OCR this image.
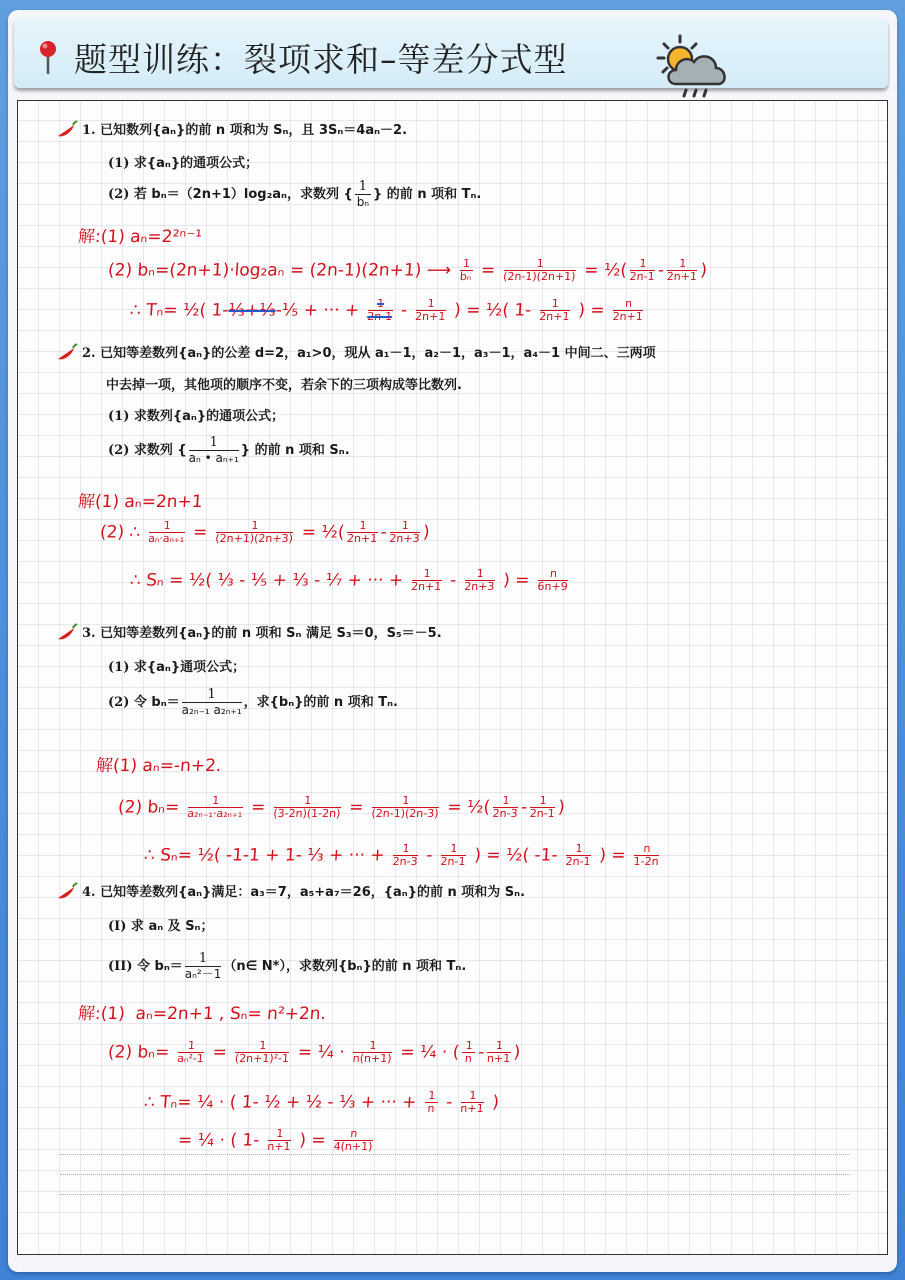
题型训练：裂项求和–等差分式型
1. 已知数列{aₙ}的前 n 项和为 Sₙ，且 3Sₙ＝4aₙ－2.
(1) 求{aₙ}的通项公式；
(2) 若 bₙ＝（2n+1）log₂aₙ，求数列 { $\frac{1}{\text{bₙ}}$ } 的前 n 项和 Tₙ.
解:(1) aₙ=2²ⁿ⁻¹
(2) bₙ=(2n+1)·log₂aₙ = (2n-1)(2n+1) ⟶ $\frac{1}{\text{bₙ}} = \frac{1}{(2n-1)(2n+1)}$ = ½( $\frac{1}{2n-1} - \frac{1}{2n+1}$ )
∴ Tₙ= ½( 1-⅓+⅓-⅕ + ··· + $\frac{1}{2n-1} - \frac{1}{2n+1}$ ) = ½( $1- \frac{1}{2n+1}$ ) = $\frac{n}{2n+1}$
2. 已知等差数列{aₙ}的公差 d=2，a₁>0，现从 a₁－1，a₂－1，a₃－1，a₄－1 中间二、三两项
中去掉一项，其他项的顺序不变，若余下的三项构成等比数列.
(1) 求数列{aₙ}的通项公式；
(2) 求数列 { $\frac{1}{\text{aₙ • aₙ₊₁}}$ } 的前 n 项和 Sₙ.
解(1) aₙ=2n+1
(2) ∴ $\frac{1}{\text{aₙ·aₙ₊₁}} = \frac{1}{(2n+1)(2n+3)}$ = ½( $\frac{1}{2n+1} - \frac{1}{2n+3}$ )
∴ Sₙ = ½( ⅓ - ⅕ + ⅓ - ⅐ + ··· + $\frac{1}{2n+1} - \frac{1}{2n+3}$ ) = $\frac{n}{6n+9}$
3. 已知等差数列{aₙ}的前 n 项和 Sₙ 满足 S₃＝0，S₅＝－5.
(1) 求{aₙ}通项公式；
(2) 令 $b_n= \frac{1}{\text{a₂ₙ₋₁ a₂ₙ₊₁}}$ ，求{bₙ}的前 n 项和 Tₙ.
解(1) aₙ=-n+2.
(2) $b_n= \frac{1}{\text{a₂ₙ₋₁·a₂ₙ₊₁}} = \frac{1}{(3-2n)(1-2n)} = \frac{1}{(2n-1)(2n-3)}$ = ½( $\frac{1}{2n-3} - \frac{1}{2n-1}$ )
∴ Sₙ= ½( -1-1 + 1- ⅓ + ··· + $\frac{1}{2n-3} - \frac{1}{2n-1}$ ) = ½( $-1- \frac{1}{2n-1}$ ) = $\frac{n}{1-2n}$
4. 已知等差数列{aₙ}满足：a₃＝7，a₅+a₇＝26，{aₙ}的前 n 项和为 Sₙ.
(I) 求 aₙ 及 Sₙ；
(II) 令 $b_n= \frac{1}{\text{aₙ²－1}}$ （n∈ N*），求数列{bₙ}的前 n 项和 Tₙ.
解:(1) aₙ=2n+1 , Sₙ= n²+2n.
(2) $b_n= \frac{1}{\text{aₙ²-1}} = \frac{1}{\text{(2n+1)²-1}}$ = ¼ · $\frac{1}{n(n+1)}$ = ¼ · ( $\frac{1}{n} - \frac{1}{n+1}$ )
∴ Tₙ= ¼ · ( 1- ½ + ½ - ⅓ + ··· + $\frac{1}{n} - \frac{1}{n+1}$ )
= ¼ · ( $1- \frac{1}{n+1}$ ) = $\frac{n}{4(n+1)}$
